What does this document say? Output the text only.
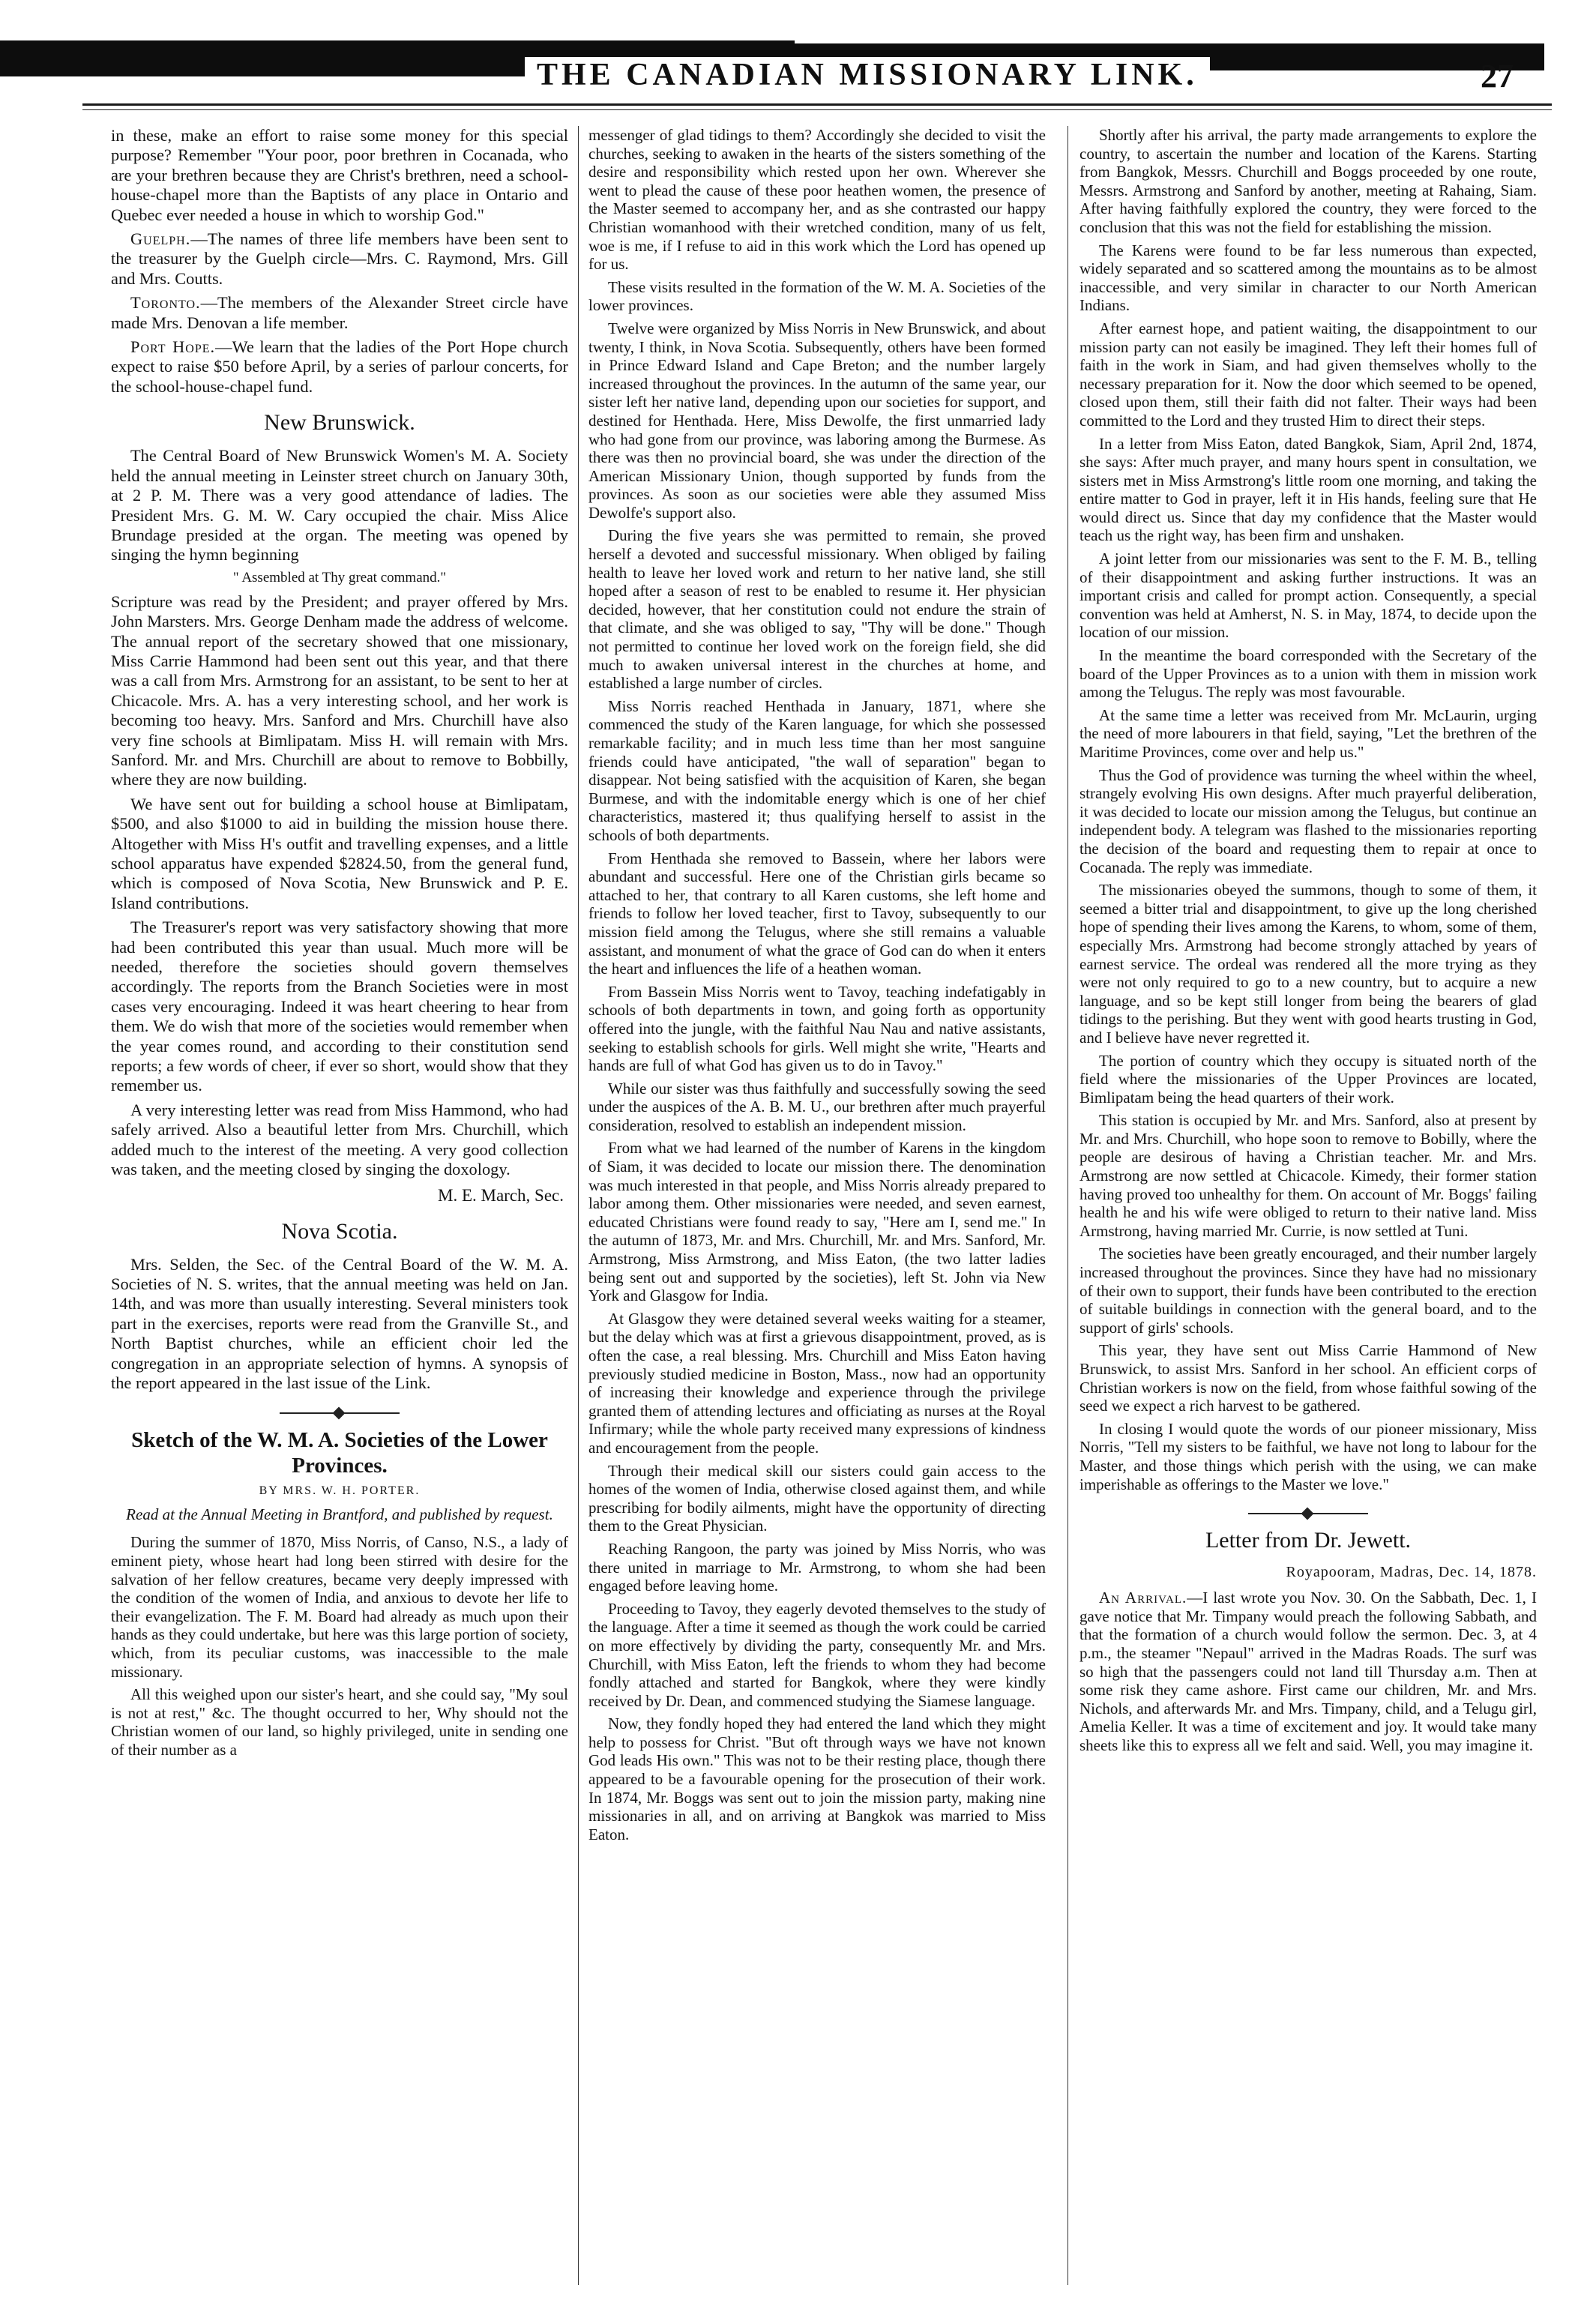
THE CANADIAN MISSIONARY LINK.	27

in these, make an effort to raise some money for this special purpose? Remember "Your poor, poor brethren in Cocanada, who are your brethren because they are Christ's brethren, need a school-house-chapel more than the Baptists of any place in Ontario and Quebec ever needed a house in which to worship God."

Guelph.—The names of three life members have been sent to the treasurer by the Guelph circle—Mrs. C. Raymond, Mrs. Gill and Mrs. Coutts.

Toronto.—The members of the Alexander Street circle have made Mrs. Denovan a life member.

Port Hope.—We learn that the ladies of the Port Hope church expect to raise $50 before April, by a series of parlour concerts, for the school-house-chapel fund.

New Brunswick.

The Central Board of New Brunswick Women's M. A. Society held the annual meeting in Leinster street church on January 30th, at 2 P. M. There was a very good attendance of ladies. The President Mrs. G. M. W. Cary occupied the chair. Miss Alice Brundage presided at the organ. The meeting was opened by singing the hymn beginning

" Assembled at Thy great command."

Scripture was read by the President; and prayer offered by Mrs. John Marsters. Mrs. George Denham made the address of welcome. The annual report of the secretary showed that one missionary, Miss Carrie Hammond had been sent out this year, and that there was a call from Mrs. Armstrong for an assistant, to be sent to her at Chicacole. Mrs. A. has a very interesting school, and her work is becoming too heavy. Mrs. Sanford and Mrs. Churchill have also very fine schools at Bimlipatam. Miss H. will remain with Mrs. Sanford. Mr. and Mrs. Churchill are about to remove to Bobbilly, where they are now building.

We have sent out for building a school house at Bimlipatam, $500, and also $1000 to aid in building the mission house there. Altogether with Miss H's outfit and travelling expenses, and a little school apparatus have expended $2824.50, from the general fund, which is composed of Nova Scotia, New Brunswick and P. E. Island contributions.

The Treasurer's report was very satisfactory showing that more had been contributed this year than usual. Much more will be needed, therefore the societies should govern themselves accordingly. The reports from the Branch Societies were in most cases very encouraging. Indeed it was heart cheering to hear from them. We do wish that more of the societies would remember when the year comes round, and according to their constitution send reports; a few words of cheer, if ever so short, would show that they remember us.

A very interesting letter was read from Miss Hammond, who had safely arrived. Also a beautiful letter from Mrs. Churchill, which added much to the interest of the meeting. A very good collection was taken, and the meeting closed by singing the doxology.

M. E. March, Sec.
Nova Scotia.

Mrs. Selden, the Sec. of the Central Board of the W. M. A. Societies of N. S. writes, that the annual meeting was held on Jan. 14th, and was more than usually interesting. Several ministers took part in the exercises, reports were read from the Granville St., and North Baptist churches, while an efficient choir led the congregation in an appropriate selection of hymns. A synopsis of the report appeared in the last issue of the Link.

Sketch of the W. M. A. Societies of the Lower Provinces.
BY MRS. W. H. PORTER.
Read at the Annual Meeting in Brantford, and published by request.

During the summer of 1870, Miss Norris, of Canso, N.S., a lady of eminent piety, whose heart had long been stirred with desire for the salvation of her fellow creatures, became very deeply impressed with the condition of the women of India, and anxious to devote her life to their evangelization. The F. M. Board had already as much upon their hands as they could undertake, but here was this large portion of society, which, from its peculiar customs, was inaccessible to the male missionary.

All this weighed upon our sister's heart, and she could say, "My soul is not at rest," &c. The thought occurred to her, Why should not the Christian women of our land, so highly privileged, unite in sending one of their number as a

messenger of glad tidings to them? Accordingly she decided to visit the churches, seeking to awaken in the hearts of the sisters something of the desire and responsibility which rested upon her own. Wherever she went to plead the cause of these poor heathen women, the presence of the Master seemed to accompany her, and as she contrasted our happy Christian womanhood with their wretched condition, many of us felt, woe is me, if I refuse to aid in this work which the Lord has opened up for us.

These visits resulted in the formation of the W. M. A. Societies of the lower provinces.

Twelve were organized by Miss Norris in New Brunswick, and about twenty, I think, in Nova Scotia. Subsequently, others have been formed in Prince Edward Island and Cape Breton; and the number largely increased throughout the provinces. In the autumn of the same year, our sister left her native land, depending upon our societies for support, and destined for Henthada. Here, Miss Dewolfe, the first unmarried lady who had gone from our province, was laboring among the Burmese. As there was then no provincial board, she was under the direction of the American Missionary Union, though supported by funds from the provinces. As soon as our societies were able they assumed Miss Dewolfe's support also.

During the five years she was permitted to remain, she proved herself a devoted and successful missionary. When obliged by failing health to leave her loved work and return to her native land, she still hoped after a season of rest to be enabled to resume it. Her physician decided, however, that her constitution could not endure the strain of that climate, and she was obliged to say, "Thy will be done." Though not permitted to continue her loved work on the foreign field, she did much to awaken universal interest in the churches at home, and established a large number of circles.

Miss Norris reached Henthada in January, 1871, where she commenced the study of the Karen language, for which she possessed remarkable facility; and in much less time than her most sanguine friends could have anticipated, "the wall of separation" began to disappear. Not being satisfied with the acquisition of Karen, she began Burmese, and with the indomitable energy which is one of her chief characteristics, mastered it; thus qualifying herself to assist in the schools of both departments.

From Henthada she removed to Bassein, where her labors were abundant and successful. Here one of the Christian girls became so attached to her, that contrary to all Karen customs, she left home and friends to follow her loved teacher, first to Tavoy, subsequently to our mission field among the Telugus, where she still remains a valuable assistant, and monument of what the grace of God can do when it enters the heart and influences the life of a heathen woman.

From Bassein Miss Norris went to Tavoy, teaching indefatigably in schools of both departments in town, and going forth as opportunity offered into the jungle, with the faithful Nau Nau and native assistants, seeking to establish schools for girls. Well might she write, "Hearts and hands are full of what God has given us to do in Tavoy."

While our sister was thus faithfully and successfully sowing the seed under the auspices of the A. B. M. U., our brethren after much prayerful consideration, resolved to establish an independent mission.

From what we had learned of the number of Karens in the kingdom of Siam, it was decided to locate our mission there. The denomination was much interested in that people, and Miss Norris already prepared to labor among them. Other missionaries were needed, and seven earnest, educated Christians were found ready to say, "Here am I, send me." In the autumn of 1873, Mr. and Mrs. Churchill, Mr. and Mrs. Sanford, Mr. Armstrong, Miss Armstrong, and Miss Eaton, (the two latter ladies being sent out and supported by the societies), left St. John via New York and Glasgow for India.

At Glasgow they were detained several weeks waiting for a steamer, but the delay which was at first a grievous disappointment, proved, as is often the case, a real blessing. Mrs. Churchill and Miss Eaton having previously studied medicine in Boston, Mass., now had an opportunity of increasing their knowledge and experience through the privilege granted them of attending lectures and officiating as nurses at the Royal Infirmary; while the whole party received many expressions of kindness and encouragement from the people.

Through their medical skill our sisters could gain access to the homes of the women of India, otherwise closed against them, and while prescribing for bodily ailments, might have the opportunity of directing them to the Great Physician.

Reaching Rangoon, the party was joined by Miss Norris, who was there united in marriage to Mr. Armstrong, to whom she had been engaged before leaving home.

Proceeding to Tavoy, they eagerly devoted themselves to the study of the language. After a time it seemed as though the work could be carried on more effectively by dividing the party, consequently Mr. and Mrs. Churchill, with Miss Eaton, left the friends to whom they had become fondly attached and started for Bangkok, where they were kindly received by Dr. Dean, and commenced studying the Siamese language.

Now, they fondly hoped they had entered the land which they might help to possess for Christ. "But oft through ways we have not known God leads His own." This was not to be their resting place, though there appeared to be a favourable opening for the prosecution of their work. In 1874, Mr. Boggs was sent out to join the mission party, making nine missionaries in all, and on arriving at Bangkok was married to Miss Eaton.

Shortly after his arrival, the party made arrangements to explore the country, to ascertain the number and location of the Karens. Starting from Bangkok, Messrs. Churchill and Boggs proceeded by one route, Messrs. Armstrong and Sanford by another, meeting at Rahaing, Siam. After having faithfully explored the country, they were forced to the conclusion that this was not the field for establishing the mission.

The Karens were found to be far less numerous than expected, widely separated and so scattered among the mountains as to be almost inaccessible, and very similar in character to our North American Indians.

After earnest hope, and patient waiting, the disappointment to our mission party can not easily be imagined. They left their homes full of faith in the work in Siam, and had given themselves wholly to the necessary preparation for it. Now the door which seemed to be opened, closed upon them, still their faith did not falter. Their ways had been committed to the Lord and they trusted Him to direct their steps.

In a letter from Miss Eaton, dated Bangkok, Siam, April 2nd, 1874, she says: After much prayer, and many hours spent in consultation, we sisters met in Miss Armstrong's little room one morning, and taking the entire matter to God in prayer, left it in His hands, feeling sure that He would direct us. Since that day my confidence that the Master would teach us the right way, has been firm and unshaken.

A joint letter from our missionaries was sent to the F. M. B., telling of their disappointment and asking further instructions. It was an important crisis and called for prompt action. Consequently, a special convention was held at Amherst, N. S. in May, 1874, to decide upon the location of our mission.

In the meantime the board corresponded with the Secretary of the board of the Upper Provinces as to a union with them in mission work among the Telugus. The reply was most favourable.

At the same time a letter was received from Mr. McLaurin, urging the need of more labourers in that field, saying, "Let the brethren of the Maritime Provinces, come over and help us."

Thus the God of providence was turning the wheel within the wheel, strangely evolving His own designs. After much prayerful deliberation, it was decided to locate our mission among the Telugus, but continue an independent body. A telegram was flashed to the missionaries reporting the decision of the board and requesting them to repair at once to Cocanada. The reply was immediate.

The missionaries obeyed the summons, though to some of them, it seemed a bitter trial and disappointment, to give up the long cherished hope of spending their lives among the Karens, to whom, some of them, especially Mrs. Armstrong had become strongly attached by years of earnest service. The ordeal was rendered all the more trying as they were not only required to go to a new country, but to acquire a new language, and so be kept still longer from being the bearers of glad tidings to the perishing. But they went with good hearts trusting in God, and I believe have never regretted it.

The portion of country which they occupy is situated north of the field where the missionaries of the Upper Provinces are located, Bimlipatam being the head quarters of their work.

This station is occupied by Mr. and Mrs. Sanford, also at present by Mr. and Mrs. Churchill, who hope soon to remove to Bobilly, where the people are desirous of having a Christian teacher. Mr. and Mrs. Armstrong are now settled at Chicacole. Kimedy, their former station having proved too unhealthy for them. On account of Mr. Boggs' failing health he and his wife were obliged to return to their native land. Miss Armstrong, having married Mr. Currie, is now settled at Tuni.

The societies have been greatly encouraged, and their number largely increased throughout the provinces. Since they have had no missionary of their own to support, their funds have been contributed to the erection of suitable buildings in connection with the general board, and to the support of girls' schools.

This year, they have sent out Miss Carrie Hammond of New Brunswick, to assist Mrs. Sanford in her school. An efficient corps of Christian workers is now on the field, from whose faithful sowing of the seed we expect a rich harvest to be gathered.

In closing I would quote the words of our pioneer missionary, Miss Norris, "Tell my sisters to be faithful, we have not long to labour for the Master, and those things which perish with the using, we can make imperishable as offerings to the Master we love."

Letter from Dr. Jewett.
Royapooram, Madras, Dec. 14, 1878.

An Arrival.—I last wrote you Nov. 30. On the Sabbath, Dec. 1, I gave notice that Mr. Timpany would preach the following Sabbath, and that the formation of a church would follow the sermon. Dec. 3, at 4 p.m., the steamer "Nepaul" arrived in the Madras Roads. The surf was so high that the passengers could not land till Thursday a.m. Then at some risk they came ashore. First came our children, Mr. and Mrs. Nichols, and afterwards Mr. and Mrs. Timpany, child, and a Telugu girl, Amelia Keller. It was a time of excitement and joy. It would take many sheets like this to express all we felt and said. Well, you may imagine it.
